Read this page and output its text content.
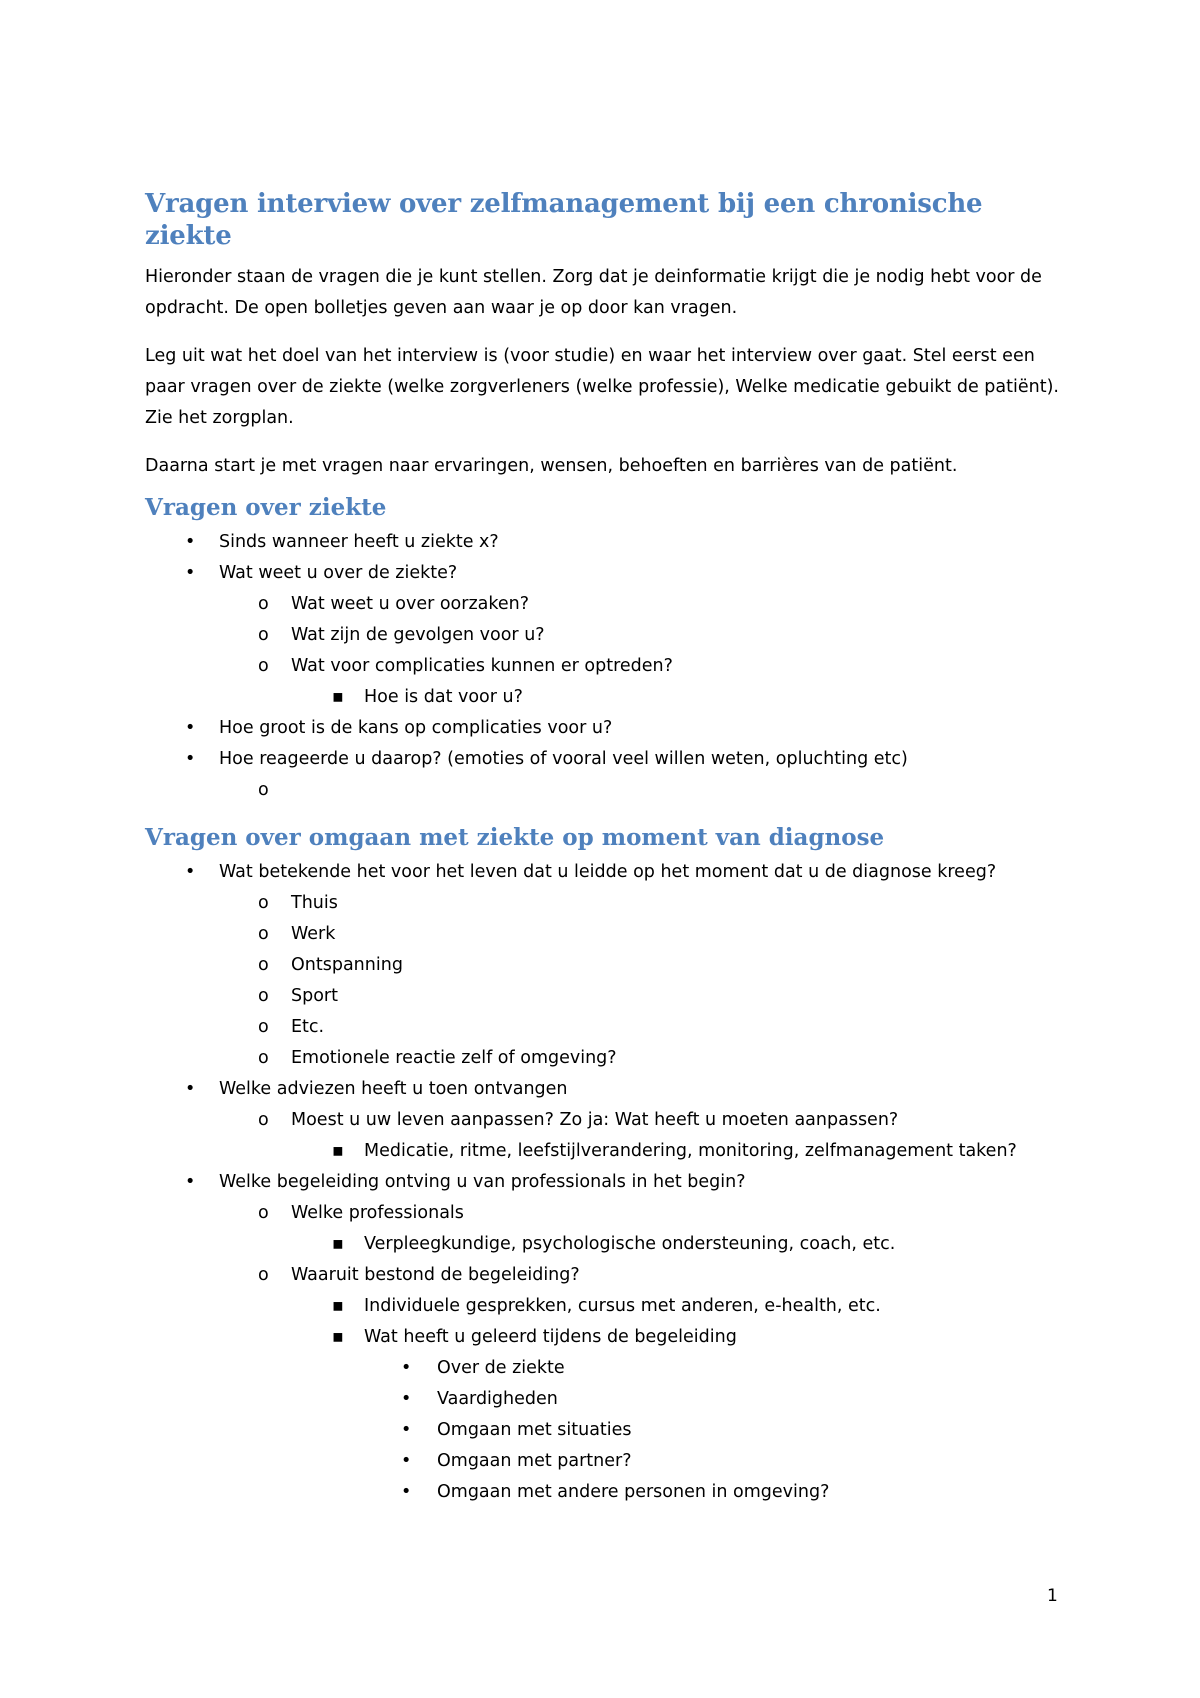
Vragen interview over zelfmanagement bij een chronische ziekte

Hieronder staan de vragen die je kunt stellen. Zorg dat je deinformatie krijgt die je nodig hebt voor de opdracht. De open bolletjes geven aan waar je op door kan vragen.

Leg uit wat het doel van het interview is (voor studie) en waar het interview over gaat. Stel eerst een paar vragen over de ziekte (welke zorgverleners (welke professie), Welke medicatie gebuikt de patiënt). Zie het zorgplan.

Daarna start je met vragen naar ervaringen, wensen, behoeften en barrières van de patiënt.

Vragen over ziekte
• Sinds wanneer heeft u ziekte x?
• Wat weet u over de ziekte?
o Wat weet u over oorzaken?
o Wat zijn de gevolgen voor u?
o Wat voor complicaties kunnen er optreden?
▪ Hoe is dat voor u?
• Hoe groot is de kans op complicaties voor u?
• Hoe reageerde u daarop? (emoties of vooral veel willen weten, opluchting etc)
o
Vragen over omgaan met ziekte op moment van diagnose
• Wat betekende het voor het leven dat u leidde op het moment dat u de diagnose kreeg?
o Thuis
o Werk
o Ontspanning
o Sport
o Etc.
o Emotionele reactie zelf of omgeving?
• Welke adviezen heeft u toen ontvangen
o Moest u uw leven aanpassen? Zo ja: Wat heeft u moeten aanpassen?
▪ Medicatie, ritme, leefstijlverandering, monitoring, zelfmanagement taken?
• Welke begeleiding ontving u van professionals in het begin?
o Welke professionals
▪ Verpleegkundige, psychologische ondersteuning, coach, etc.
o Waaruit bestond de begeleiding?
▪ Individuele gesprekken, cursus met anderen, e-health, etc.
▪ Wat heeft u geleerd tijdens de begeleiding
• Over de ziekte
• Vaardigheden
• Omgaan met situaties
• Omgaan met partner?
• Omgaan met andere personen in omgeving?
1
